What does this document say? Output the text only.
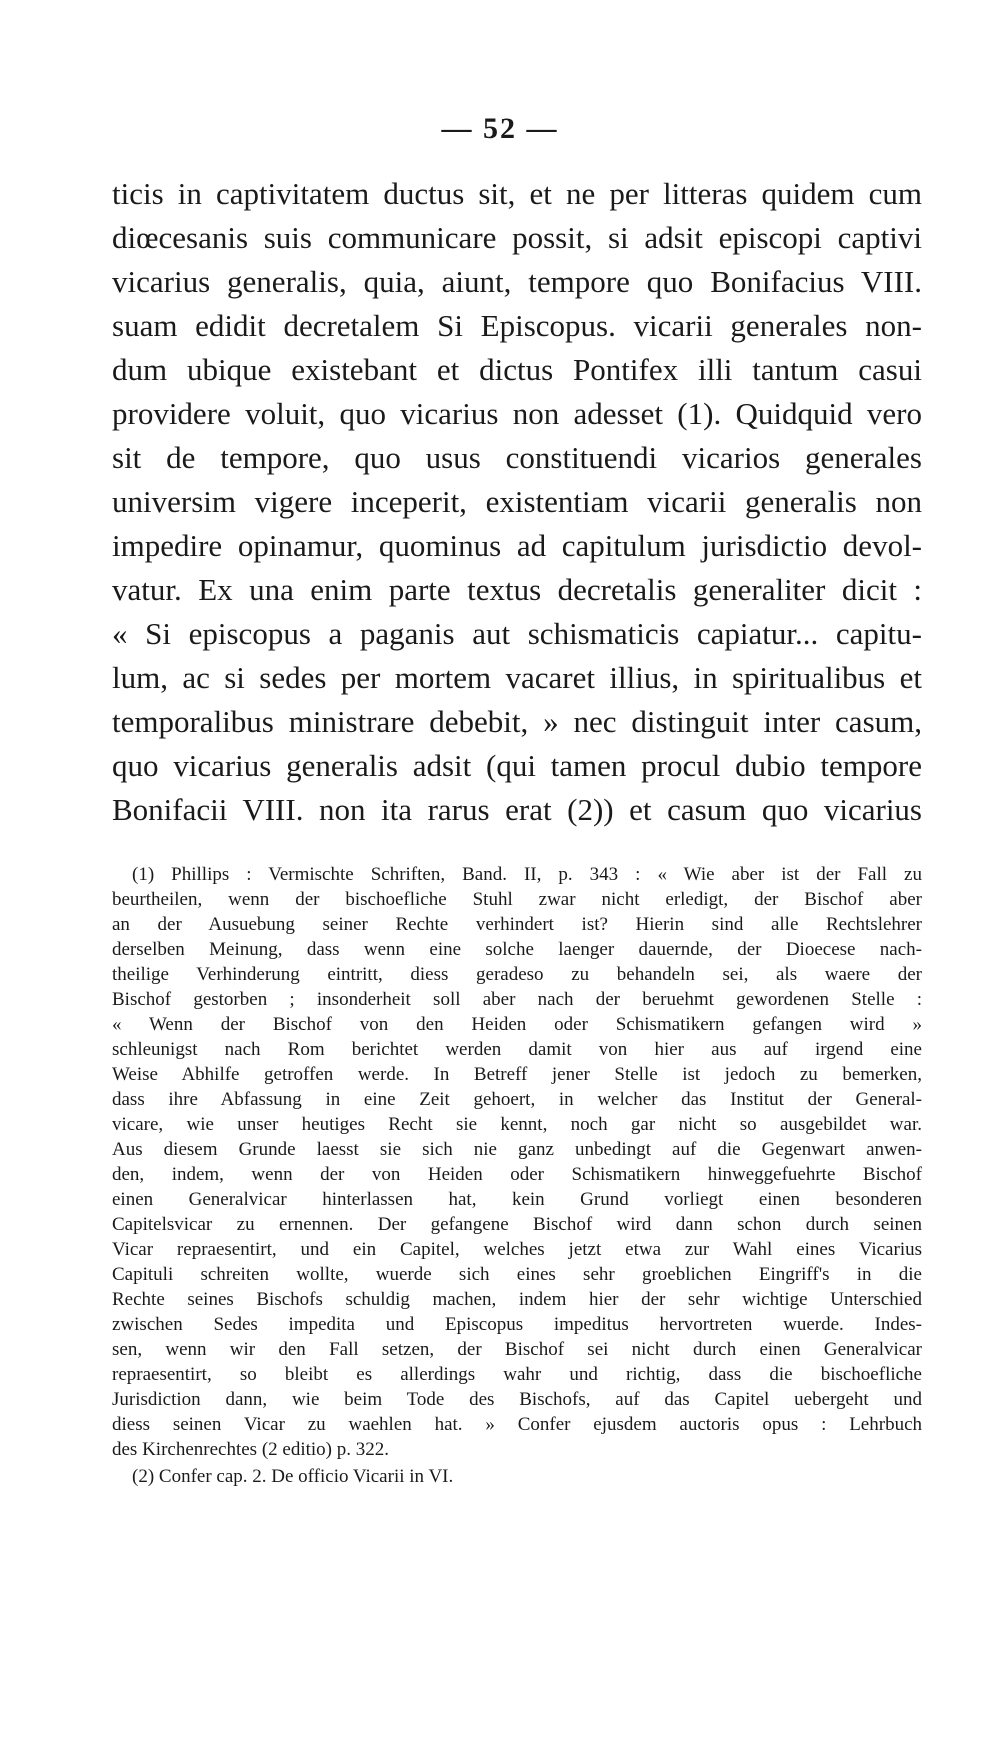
— 52 —
ticis in captivitatem ductus sit, et ne per litteras quidem cum
diœcesanis suis communicare possit, si adsit episcopi captivi
vicarius generalis, quia, aiunt, tempore quo Bonifacius VIII.
suam edidit decretalem Si Episcopus. vicarii generales non-
dum ubique existebant et dictus Pontifex illi tantum casui
providere voluit, quo vicarius non adesset (1). Quidquid vero
sit de tempore, quo usus constituendi vicarios generales
universim vigere inceperit, existentiam vicarii generalis non
impedire opinamur, quominus ad capitulum jurisdictio devol-
vatur. Ex una enim parte textus decretalis generaliter dicit :
« Si episcopus a paganis aut schismaticis capiatur... capitu-
lum, ac si sedes per mortem vacaret illius, in spiritualibus et
temporalibus ministrare debebit, » nec distinguit inter casum,
quo vicarius generalis adsit (qui tamen procul dubio tempore
Bonifacii VIII. non ita rarus erat (2)) et casum quo vicarius
(1) Phillips : Vermischte Schriften, Band. II, p. 343 : « Wie aber ist der Fall zu
beurtheilen, wenn der bischoefliche Stuhl zwar nicht erledigt, der Bischof aber
an der Ausuebung seiner Rechte verhindert ist? Hierin sind alle Rechtslehrer
derselben Meinung, dass wenn eine solche laenger dauernde, der Dioecese nach-
theilige Verhinderung eintritt, diess geradeso zu behandeln sei, als waere der
Bischof gestorben ; insonderheit soll aber nach der beruehmt gewordenen Stelle :
« Wenn der Bischof von den Heiden oder Schismatikern gefangen wird »
schleunigst nach Rom berichtet werden damit von hier aus auf irgend eine
Weise Abhilfe getroffen werde. In Betreff jener Stelle ist jedoch zu bemerken,
dass ihre Abfassung in eine Zeit gehoert, in welcher das Institut der General-
vicare, wie unser heutiges Recht sie kennt, noch gar nicht so ausgebildet war.
Aus diesem Grunde laesst sie sich nie ganz unbedingt auf die Gegenwart anwen-
den, indem, wenn der von Heiden oder Schismatikern hinweggefuehrte Bischof
einen Generalvicar hinterlassen hat, kein Grund vorliegt einen besonderen
Capitelsvicar zu ernennen. Der gefangene Bischof wird dann schon durch seinen
Vicar repraesentirt, und ein Capitel, welches jetzt etwa zur Wahl eines Vicarius
Capituli schreiten wollte, wuerde sich eines sehr groeblichen Eingriff's in die
Rechte seines Bischofs schuldig machen, indem hier der sehr wichtige Unterschied
zwischen Sedes impedita und Episcopus impeditus hervortreten wuerde. Indes-
sen, wenn wir den Fall setzen, der Bischof sei nicht durch einen Generalvicar
repraesentirt, so bleibt es allerdings wahr und richtig, dass die bischoefliche
Jurisdiction dann, wie beim Tode des Bischofs, auf das Capitel uebergeht und
diess seinen Vicar zu waehlen hat. » Confer ejusdem auctoris opus : Lehrbuch
des Kirchenrechtes (2 editio) p. 322.
(2) Confer cap. 2. De officio Vicarii in VI.
